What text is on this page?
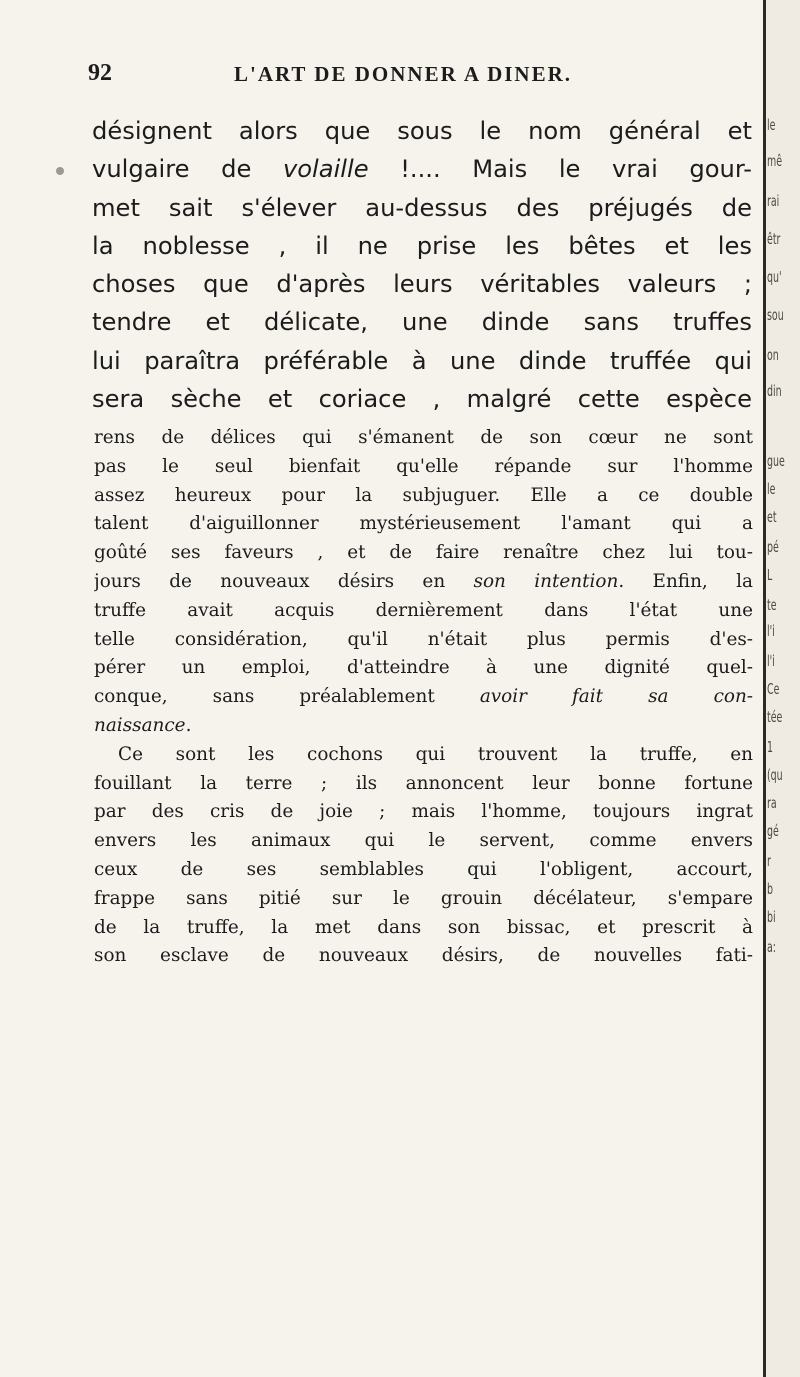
92	L'ART DE DONNER A DINER.
désignent alors que sous le nom général et
vulgaire de volaille !.... Mais le vrai gour-
met sait s'élever au-dessus des préjugés de
la noblesse , il ne prise les bêtes et les
choses que d'après leurs véritables valeurs ;
tendre et délicate, une dinde sans truffes
lui paraîtra préférable à une dinde truffée qui
sera sèche et coriace , malgré cette espèce
rens de délices qui s'émanent de son cœur ne sont
pas le seul bienfait qu'elle répande sur l'homme
assez heureux pour la subjuguer. Elle a ce double
talent d'aiguillonner mystérieusement l'amant qui a
goûté ses faveurs , et de faire renaître chez lui tou-
jours de nouveaux désirs en son intention. Enfin, la
truffe avait acquis dernièrement dans l'état une
telle considération, qu'il n'était plus permis d'es-
pérer un emploi, d'atteindre à une dignité quel-
conque, sans préalablement avoir fait sa con-
naissance.
Ce sont les cochons qui trouvent la truffe, en
fouillant la terre ; ils annoncent leur bonne fortune
par des cris de joie ; mais l'homme, toujours ingrat
envers les animaux qui le servent, comme envers
ceux de ses semblables qui l'obligent, accourt,
frappe sans pitié sur le grouin décélateur, s'empare
de la truffe, la met dans son bissac, et prescrit à
son esclave de nouveaux désirs, de nouvelles fati-
le
mê
rai
êtr
qu'
sou
on
din
gue
le
et
pé
L
te
l'i
l'i
Ce
tée
1
(qu
ra
gé
r
b
bi
a:
